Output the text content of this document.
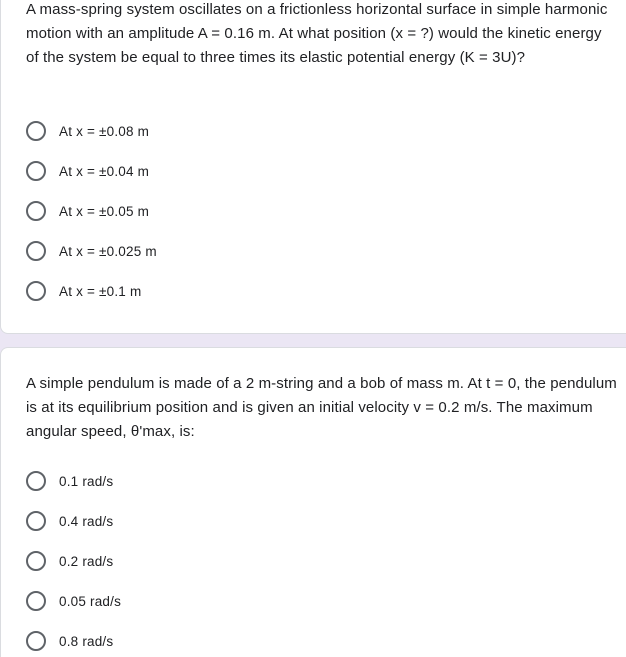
A mass-spring system oscillates on a frictionless horizontal surface in simple harmonic motion with an amplitude A = 0.16 m. At what position (x = ?) would the kinetic energy of the system be equal to three times its elastic potential energy (K = 3U)?
At x = ±0.08 m
At x = ±0.04 m
At x = ±0.05 m
At x = ±0.025 m
At x = ±0.1 m
A simple pendulum is made of a 2 m-string and a bob of mass m. At t = 0, the pendulum is at its equilibrium position and is given an initial velocity v = 0.2 m/s. The maximum angular speed, θ'max, is:
0.1 rad/s
0.4 rad/s
0.2 rad/s
0.05 rad/s
0.8 rad/s
